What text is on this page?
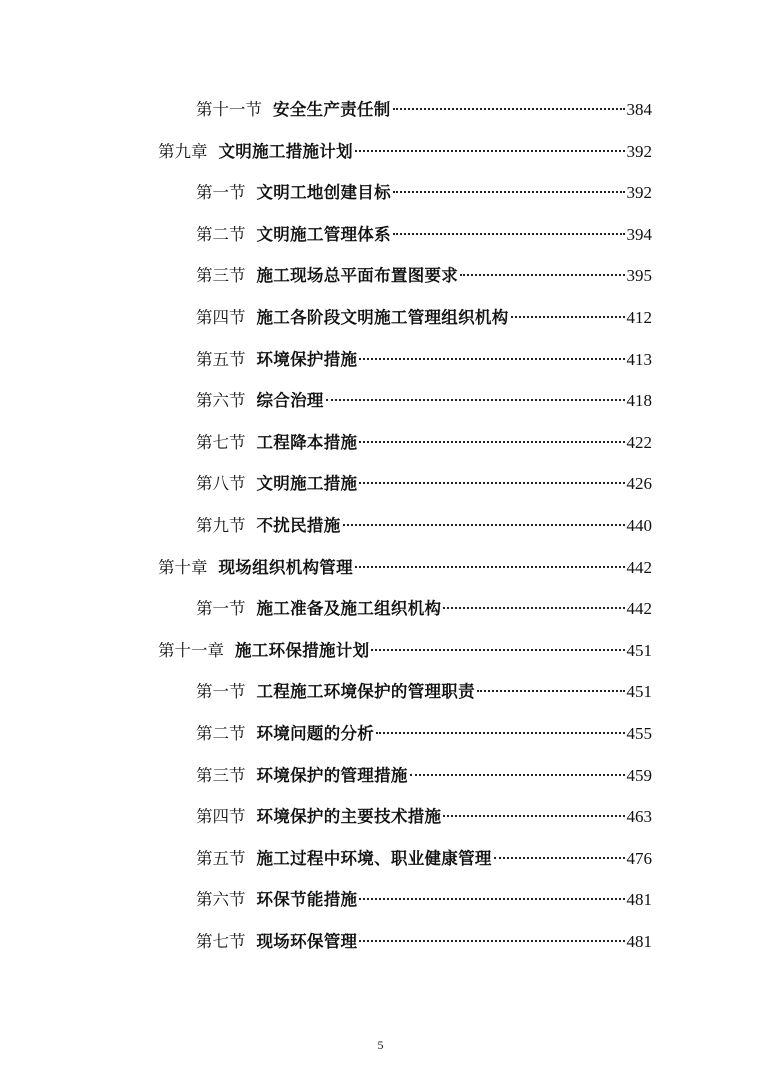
第十一节 安全生产责任制	384
第九章 文明施工措施计划	392
第一节 文明工地创建目标	392
第二节 文明施工管理体系	394
第三节 施工现场总平面布置图要求	395
第四节 施工各阶段文明施工管理组织机构	412
第五节 环境保护措施	413
第六节 综合治理	418
第七节 工程降本措施	422
第八节 文明施工措施	426
第九节 不扰民措施	440
第十章 现场组织机构管理	442
第一节 施工准备及施工组织机构	442
第十一章 施工环保措施计划	451
第一节 工程施工环境保护的管理职责	451
第二节 环境问题的分析	455
第三节 环境保护的管理措施	459
第四节 环境保护的主要技术措施	463
第五节 施工过程中环境、职业健康管理	476
第六节 环保节能措施	481
第七节 现场环保管理	481
5
